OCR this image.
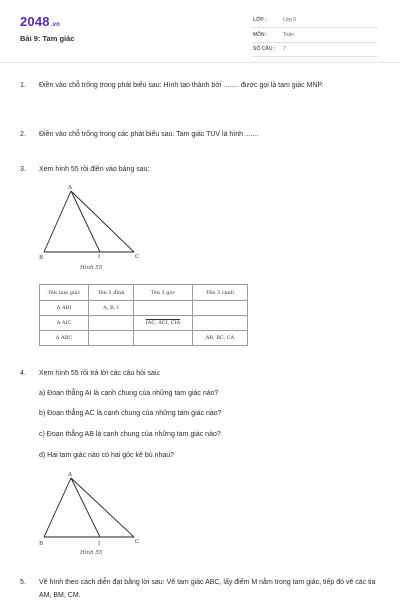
2048.vn
Bài 9: Tam giác
LỚP :	Lớp 6
MÔN :	Toán
SỐ CÂU : 7
1.	Điền vào chỗ trống trong phát biểu sau: Hình tạo thành bởi ........ được gọi là tam giác MNP.
2.	Điền vào chỗ trống trong các phát biểu sau: Tam giác TUV là hình .......
3.	Xem hình 55 rồi điền vào bảng sau:
A
B	I	C
Hình 55
Tên tam giác	Tên 3 đỉnh	Tên 3 góc	Tên 3 cạnh
Δ ABI	A, B, I		
Δ AIC		IAC, ACI, CIA	
Δ ABC			AB, BC, CA
4.	Xem hình 55 rồi trả lời các câu hỏi sau:
a) Đoạn thẳng AI là cạnh chung của những tam giác nào?
b) Đoạn thẳng AC là cạnh chung của những tam giác nào?
c) Đoạn thẳng AB là cạnh chung của những tam giác nào?
d) Hai tam giác nào có hai góc kề bù nhau?
A
B	I	C
Hình 55
5.	Vẽ hình theo cách diễn đạt bằng lời sau: Vẽ tam giác ABC, lấy điểm M nằm trong tam giác, tiếp đó vẽ các tia AM, BM, CM.
